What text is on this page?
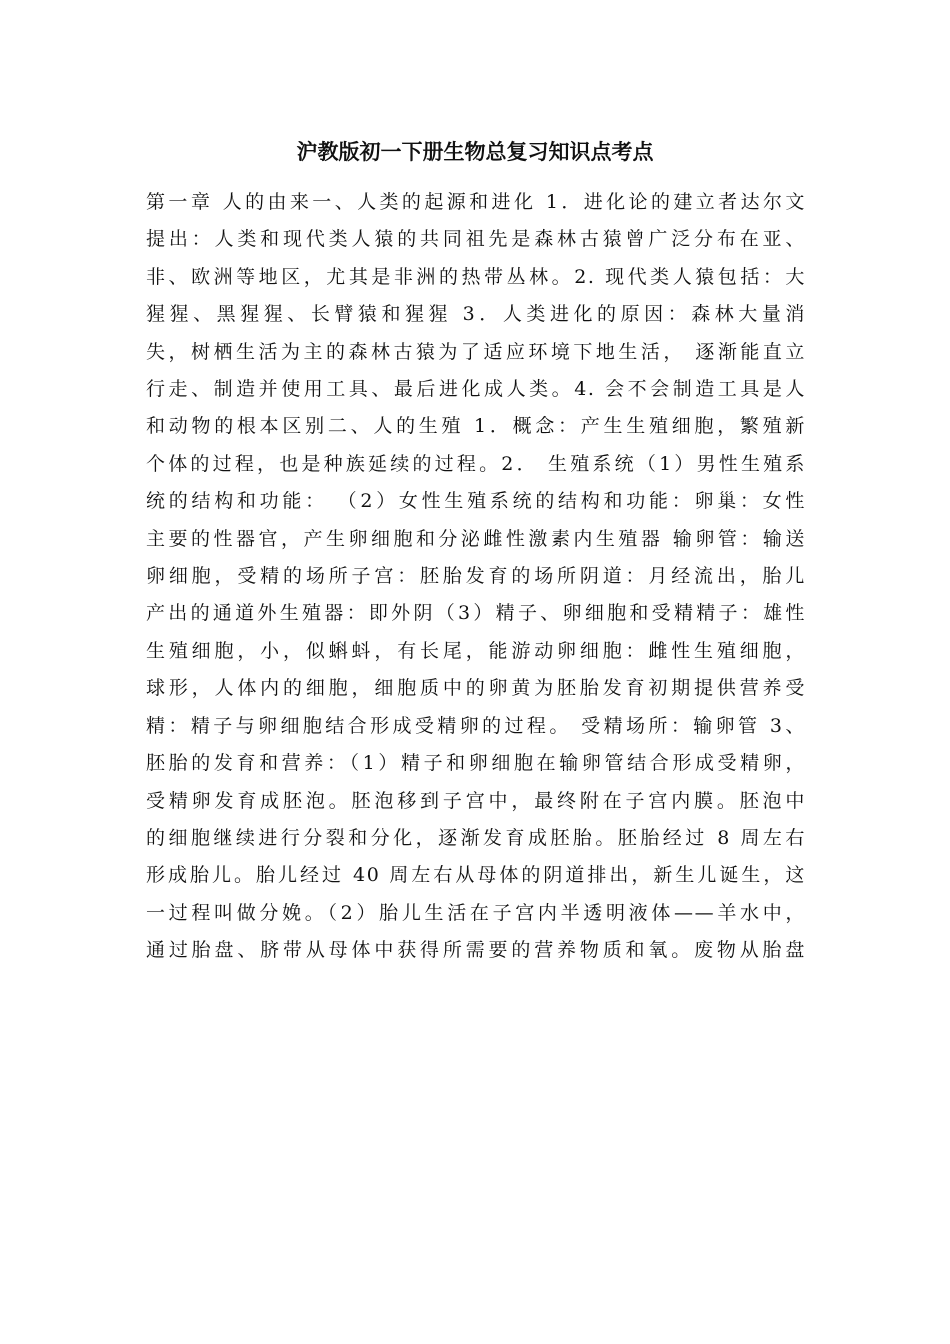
沪教版初一下册生物总复习知识点考点
第一章 人的由来一、人类的起源和进化 1．进化论的建立者达尔文
提出：人类和现代类人猿的共同祖先是森林古猿曾广泛分布在亚、
非、欧洲等地区，尤其是非洲的热带丛林。2. 现代类人猿包括：大
猩猩、黑猩猩、长臂猿和猩猩 3．人类进化的原因：森林大量消
失，树栖生活为主的森林古猿为了适应环境下地生活， 逐渐能直立
行走、制造并使用工具、最后进化成人类。4. 会不会制造工具是人
和动物的根本区别二、人的生殖 1．概念：产生生殖细胞，繁殖新
个体的过程，也是种族延续的过程。2． 生殖系统（1）男性生殖系
统的结构和功能： （2）女性生殖系统的结构和功能：卵巢：女性
主要的性器官，产生卵细胞和分泌雌性激素内生殖器 输卵管：输送
卵细胞，受精的场所子宫：胚胎发育的场所阴道：月经流出，胎儿
产出的通道外生殖器：即外阴（3）精子、卵细胞和受精精子：雄性
生殖细胞，小，似蝌蚪，有长尾，能游动卵细胞：雌性生殖细胞，
球形，人体内的细胞，细胞质中的卵黄为胚胎发育初期提供营养受
精：精子与卵细胞结合形成受精卵的过程。 受精场所：输卵管 3、
胚胎的发育和营养：（1）精子和卵细胞在输卵管结合形成受精卵，
受精卵发育成胚泡。胚泡移到子宫中，最终附在子宫内膜。胚泡中
的细胞继续进行分裂和分化，逐渐发育成胚胎。胚胎经过 8 周左右
形成胎儿。胎儿经过 40 周左右从母体的阴道排出，新生儿诞生，这
一过程叫做分娩。（2）胎儿生活在子宫内半透明液体——羊水中，
通过胎盘、脐带从母体中获得所需要的营养物质和氧。废物从胎盘
